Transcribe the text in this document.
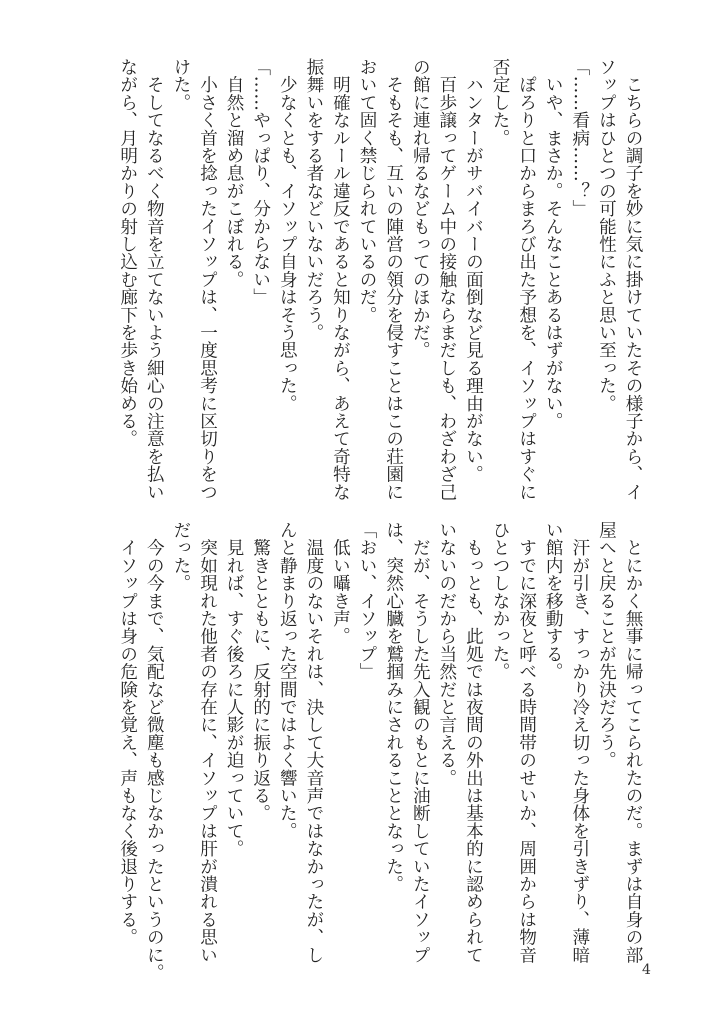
　こちらの調子を妙に気に掛けていたその様子から、イ
ソップはひとつの可能性にふと思い至った。
「……看病……？」
　いや、まさか。そんなことあるはずがない。
　ぽろりと口からまろび出た予想を、イソップはすぐに
否定した。
　ハンターがサバイバーの面倒など見る理由がない。
　百歩譲ってゲーム中の接触ならまだしも、わざわざ己
の館に連れ帰るなどもってのほかだ。
　そもそも、互いの陣営の領分を侵すことはこの荘園に
おいて固く禁じられているのだ。
　明確なルール違反であると知りながら、あえて奇特な
振舞いをする者などいないだろう。
　少なくとも、イソップ自身はそう思った。
「……やっぱり、分からない」
　自然と溜め息がこぼれる。
　小さく首を捻ったイソップは、一度思考に区切りをつ
けた。
　そしてなるべく物音を立てないよう細心の注意を払い
ながら、月明かりの射し込む廊下を歩き始める。
　とにかく無事に帰ってこられたのだ。まずは自身の部
屋へと戻ることが先決だろう。
　汗が引き、すっかり冷え切った身体を引きずり、薄暗
い館内を移動する。
　すでに深夜と呼べる時間帯のせいか、周囲からは物音
ひとつしなかった。
　もっとも、此処では夜間の外出は基本的に認められて
いないのだから当然だと言える。
　だが、そうした先入観のもとに油断していたイソップ
は、突然心臓を鷲掴みにされることとなった。
「おい、イソップ」
　低い囁き声。
　温度のないそれは、決して大音声ではなかったが、し
んと静まり返った空間ではよく響いた。
　驚きとともに、反射的に振り返る。
　見れば、すぐ後ろに人影が迫っていて。
　突如現れた他者の存在に、イソップは肝が潰れる思い
だった。
　今の今まで、気配など微塵も感じなかったというのに。
　イソップは身の危険を覚え、声もなく後退りする。
4
